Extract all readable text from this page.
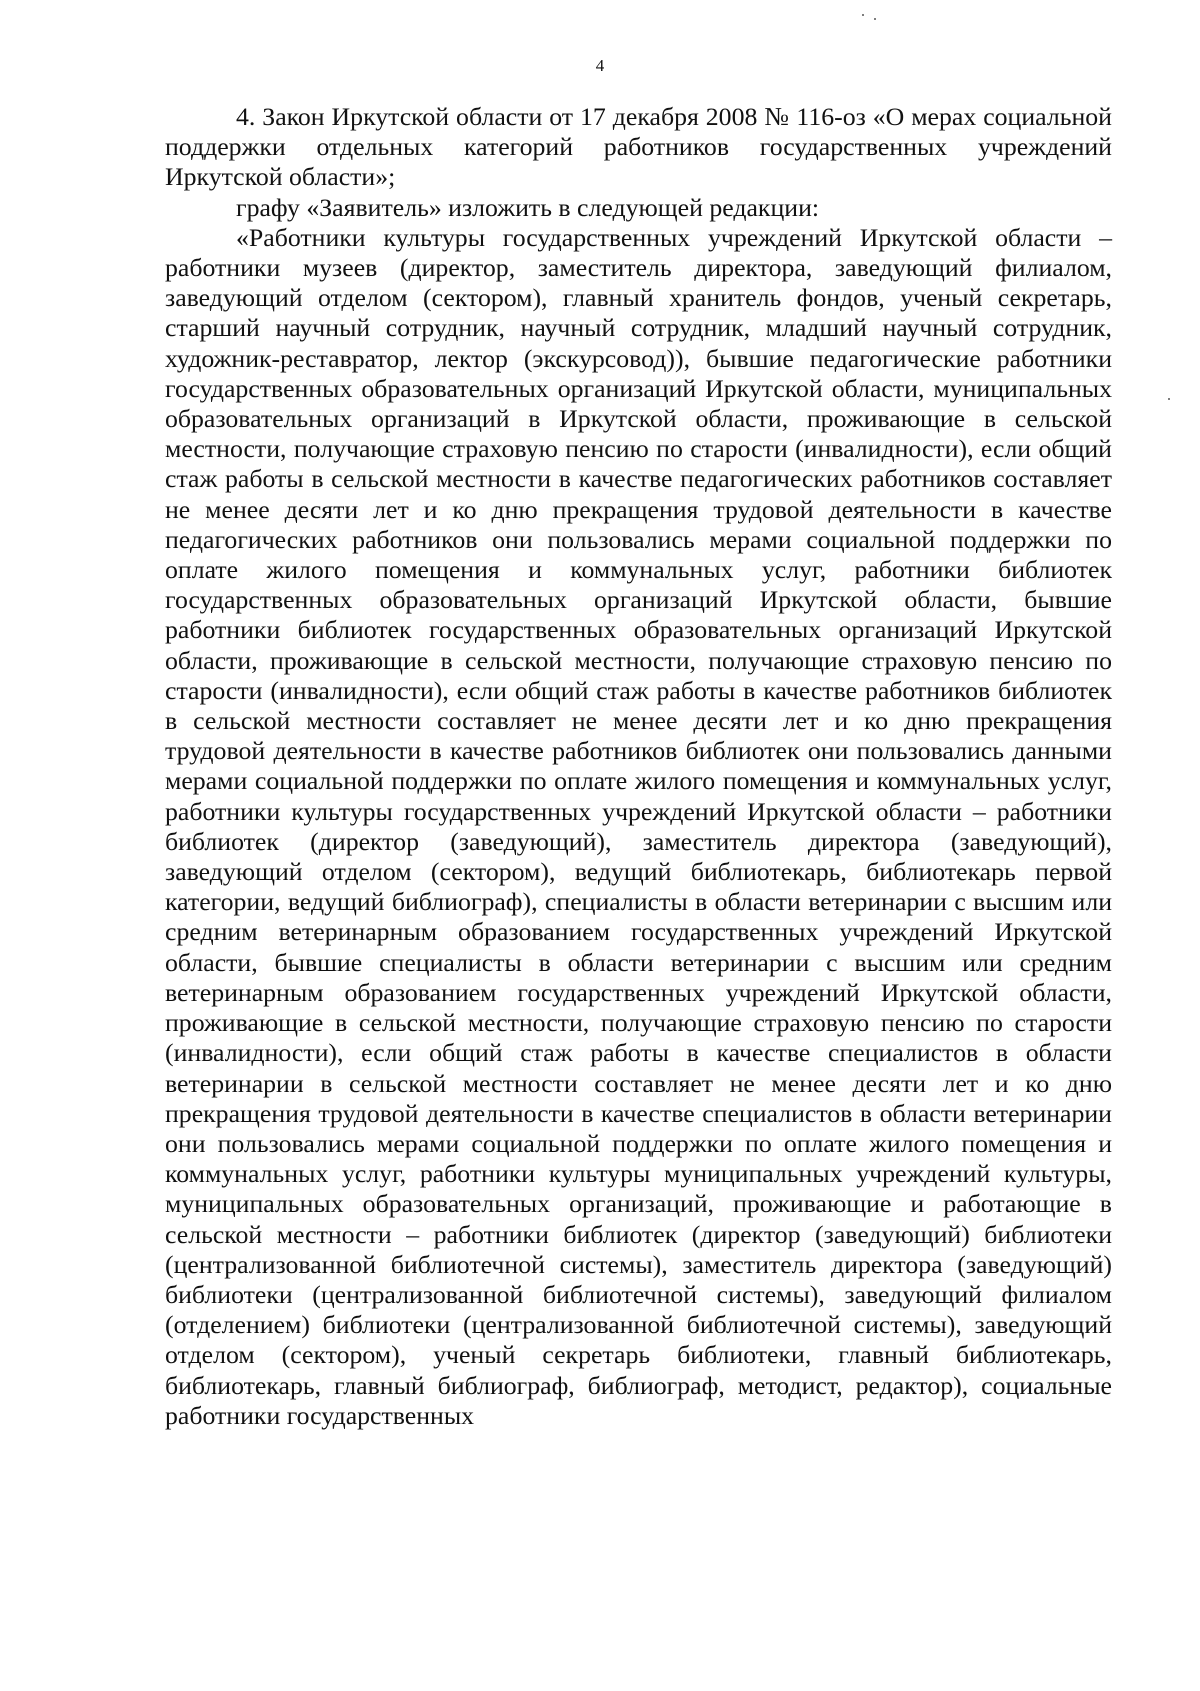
4

4. Закон Иркутской области от 17 декабря 2008 № 116-оз «О мерах социальной поддержки отдельных категорий работников государственных учреждений Иркутской области»;

графу «Заявитель» изложить в следующей редакции:

«Работники культуры государственных учреждений Иркутской области – работники музеев (директор, заместитель директора, заведующий филиалом, заведующий отделом (сектором), главный хранитель фондов, ученый секретарь, старший научный сотрудник, научный сотрудник, младший научный сотрудник, художник-реставратор, лектор (экскурсовод)), бывшие педагогические работники государственных образовательных организаций Иркутской области, муниципальных образовательных организаций в Иркутской области, проживающие в сельской местности, получающие страховую пенсию по старости (инвалидности), если общий стаж работы в сельской местности в качестве педагогических работников составляет не менее десяти лет и ко дню прекращения трудовой деятельности в качестве педагогических работников они пользовались мерами социальной поддержки по оплате жилого помещения и коммунальных услуг, работники библиотек государственных образовательных организаций Иркутской области, бывшие работники библиотек государственных образовательных организаций Иркутской области, проживающие в сельской местности, получающие страховую пенсию по старости (инвалидности), если общий стаж работы в качестве работников библиотек в сельской местности составляет не менее десяти лет и ко дню прекращения трудовой деятельности в качестве работников библиотек они пользовались данными мерами социальной поддержки по оплате жилого помещения и коммунальных услуг, работники культуры государственных учреждений Иркутской области – работники библиотек (директор (заведующий), заместитель директора (заведующий), заведующий отделом (сектором), ведущий библиотекарь, библиотекарь первой категории, ведущий библиограф), специалисты в области ветеринарии с высшим или средним ветеринарным образованием государственных учреждений Иркутской области, бывшие специалисты в области ветеринарии с высшим или средним ветеринарным образованием государственных учреждений Иркутской области, проживающие в сельской местности, получающие страховую пенсию по старости (инвалидности), если общий стаж работы в качестве специалистов в области ветеринарии в сельской местности составляет не менее десяти лет и ко дню прекращения трудовой деятельности в качестве специалистов в области ветеринарии они пользовались мерами социальной поддержки по оплате жилого помещения и коммунальных услуг, работники культуры муниципальных учреждений культуры, муниципальных образовательных организаций, проживающие и работающие в сельской местности – работники библиотек (директор (заведующий) библиотеки (централизованной библиотечной системы), заместитель директора (заведующий) библиотеки (централизованной библиотечной системы), заведующий филиалом (отделением) библиотеки (централизованной библиотечной системы), заведующий отделом (сектором), ученый секретарь библиотеки, главный библиотекарь, библиотекарь, главный библиограф, библиограф, методист, редактор), социальные работники государственных
